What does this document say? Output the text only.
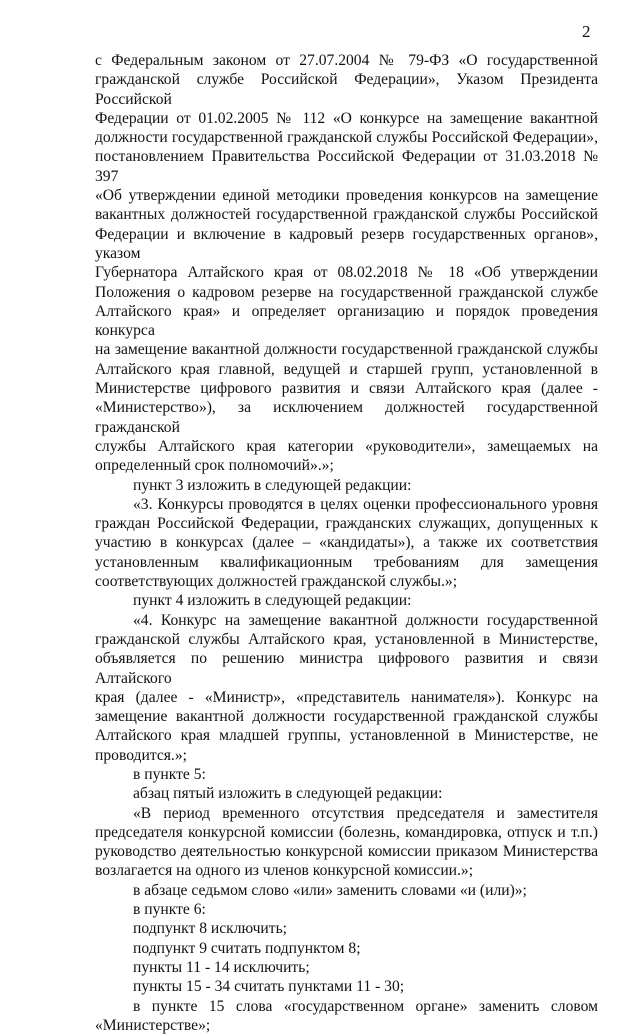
2

с Федеральным законом от 27.07.2004 № 79-ФЗ «О государственной

гражданской службе Российской Федерации», Указом Президента Российской

Федерации от 01.02.2005 № 112 «О конкурсе на замещение вакантной

должности государственной гражданской службы Российской Федерации»,

постановлением Правительства Российской Федерации от 31.03.2018 № 397

«Об утверждении единой методики проведения конкурсов на замещение

вакантных должностей государственной гражданской службы Российской

Федерации и включение в кадровый резерв государственных органов», указом

Губернатора Алтайского края от 08.02.2018 № 18 «Об утверждении

Положения о кадровом резерве на государственной гражданской службе

Алтайского края» и определяет организацию и порядок проведения конкурса

на замещение вакантной должности государственной гражданской службы

Алтайского края главной, ведущей и старшей групп, установленной в

Министерстве цифрового развития и связи Алтайского края (далее -

«Министерство»), за исключением должностей государственной гражданской

службы Алтайского края категории «руководители», замещаемых на

определенный срок полномочий».»;

пункт 3 изложить в следующей редакции:

«3. Конкурсы проводятся в целях оценки профессионального уровня

граждан Российской Федерации, гражданских служащих, допущенных к

участию в конкурсах (далее – «кандидаты»), а также их соответствия

установленным квалификационным требованиям для замещения

соответствующих должностей гражданской службы.»;

пункт 4 изложить в следующей редакции:

«4. Конкурс на замещение вакантной должности государственной

гражданской службы Алтайского края, установленной в Министерстве,

объявляется по решению министра цифрового развития и связи Алтайского

края (далее - «Министр», «представитель нанимателя»). Конкурс на

замещение вакантной должности государственной гражданской службы

Алтайского края младшей группы, установленной в Министерстве, не

проводится.»;

в пункте 5:

абзац пятый изложить в следующей редакции:

«В период временного отсутствия председателя и заместителя

председателя конкурсной комиссии (болезнь, командировка, отпуск и т.п.)

руководство деятельностью конкурсной комиссии приказом Министерства

возлагается на одного из членов конкурсной комиссии.»;

в абзаце седьмом слово «или» заменить словами «и (или)»;

в пункте 6:

подпункт 8 исключить;

подпункт 9 считать подпунктом 8;

пункты 11 - 14 исключить;

пункты 15 - 34 считать пунктами 11 - 30;

в пункте 15 слова «государственном органе» заменить словом

«Министерстве»;
